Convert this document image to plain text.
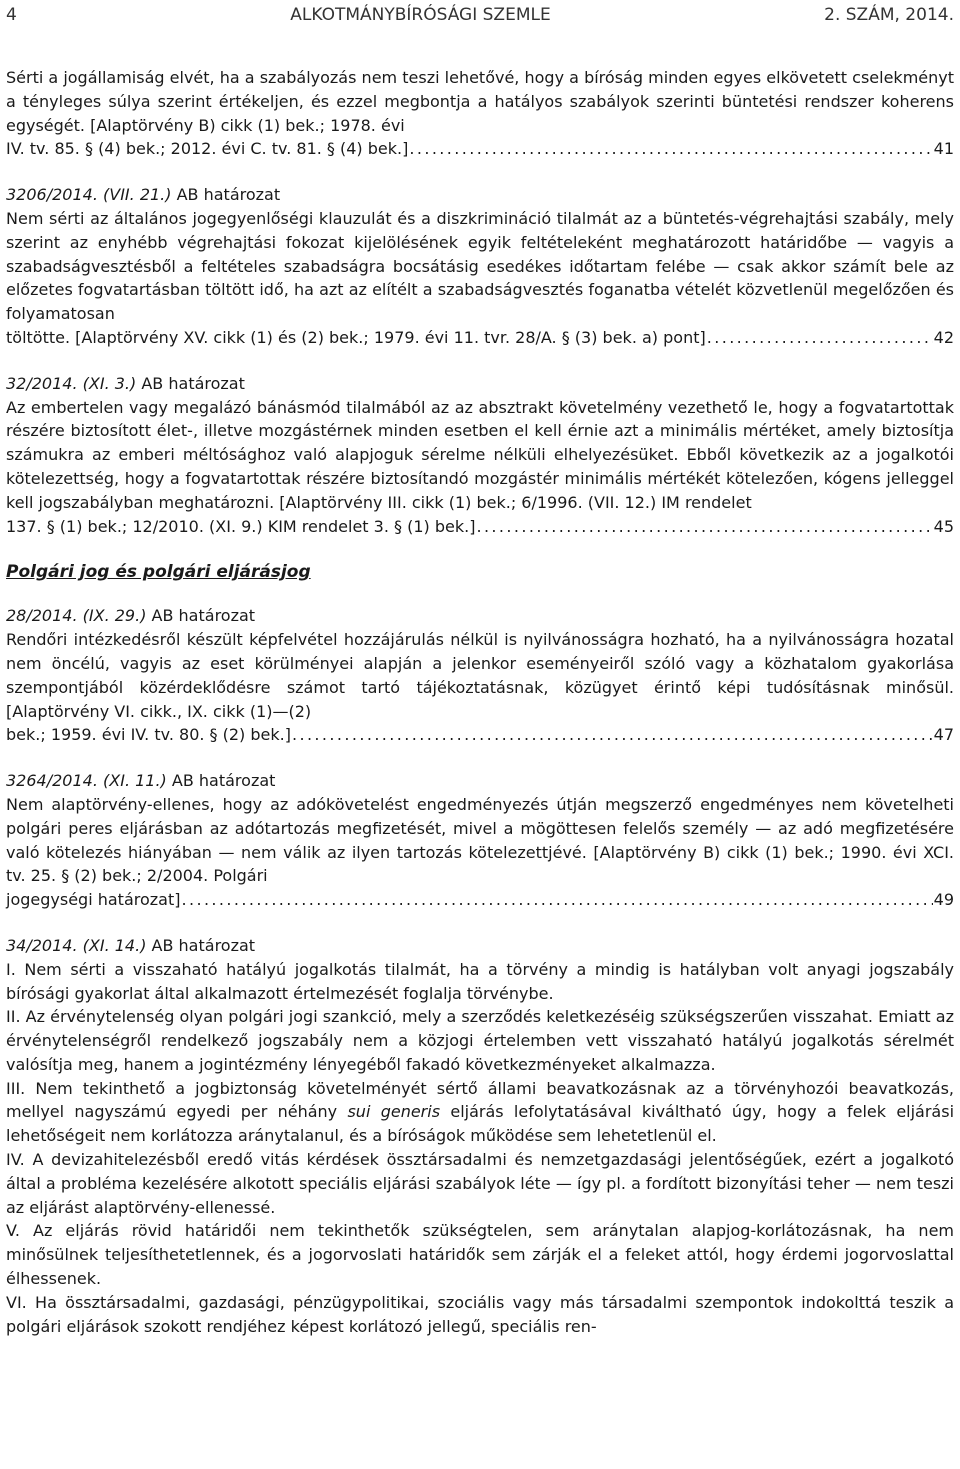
4	ALKOTMÁNYBÍRÓSÁGI SZEMLE	2. SZÁM, 2014.

Sérti a jogállamiság elvét, ha a szabályozás nem teszi lehetővé, hogy a bíróság minden egyes elkövetett cselekményt a tényleges súlya szerint értékeljen, és ezzel megbontja a hatályos szabályok szerinti büntetési rendszer koherens egységét. [Alaptörvény B) cikk (1) bek.; 1978. évi

IV. tv. 85. § (4) bek.; 2012. évi C. tv. 81. § (4) bek.] .....	41

3206/2014. (VII. 21.) AB határozat

Nem sérti az általános jogegyenlőségi klauzulát és a diszkrimináció tilalmát az a büntetés-végrehajtási szabály, mely szerint az enyhébb végrehajtási fokozat kijelölésének egyik feltételeként meghatározott határidőbe — vagyis a szabadságvesztésből a feltételes szabadságra bocsátásig esedékes időtartam felébe — csak akkor számít bele az előzetes fogvatartásban töltött idő, ha azt az elítélt a szabadságvesztés foganatba vételét közvetlenül megelőzően és folyamatosan

töltötte. [Alaptörvény XV. cikk (1) és (2) bek.; 1979. évi 11. tvr. 28/A. § (3) bek. a) pont] .....	42

32/2014. (XI. 3.) AB határozat

Az embertelen vagy megalázó bánásmód tilalmából az az absztrakt követelmény vezethető le, hogy a fogvatartottak részére biztosított élet-, illetve mozgástérnek minden esetben el kell érnie azt a minimális mértéket, amely biztosítja számukra az emberi méltósághoz való alapjoguk sérelme nélküli elhelyezésüket. Ebből következik az a jogalkotói kötelezettség, hogy a fogvatartottak részére biztosítandó mozgástér minimális mértékét kötelezően, kógens jelleggel kell jogszabályban meghatározni. [Alaptörvény III. cikk (1) bek.; 6/1996. (VII. 12.) IM rendelet

137. § (1) bek.; 12/2010. (XI. 9.) KIM rendelet 3. § (1) bek.] .....	45
Polgári jog és polgári eljárásjog

28/2014. (IX. 29.) AB határozat

Rendőri intézkedésről készült képfelvétel hozzájárulás nélkül is nyilvánosságra hozható, ha a nyilvánosságra hozatal nem öncélú, vagyis az eset körülményei alapján a jelenkor eseményeiről szóló vagy a közhatalom gyakorlása szempontjából közérdeklődésre számot tartó tájékoztatásnak, közügyet érintő képi tudósításnak minősül. [Alaptörvény VI. cikk., IX. cikk (1)—(2)

bek.; 1959. évi IV. tv. 80. § (2) bek.] .....	47

3264/2014. (XI. 11.) AB határozat

Nem alaptörvény-ellenes, hogy az adókövetelést engedményezés útján megszerző engedményes nem követelheti polgári peres eljárásban az adótartozás megfizetését, mivel a mögöttesen felelős személy — az adó megfizetésére való kötelezés hiányában — nem válik az ilyen tartozás kötelezettjévé. [Alaptörvény B) cikk (1) bek.; 1990. évi XCI. tv. 25. § (2) bek.; 2/2004. Polgári

jogegységi határozat] .....	49

34/2014. (XI. 14.) AB határozat

I. Nem sérti a visszaható hatályú jogalkotás tilalmát, ha a törvény a mindig is hatályban volt anyagi jogszabály bírósági gyakorlat által alkalmazott értelmezését foglalja törvénybe.

II. Az érvénytelenség olyan polgári jogi szankció, mely a szerződés keletkezéséig szükségszerűen visszahat. Emiatt az érvénytelenségről rendelkező jogszabály nem a közjogi értelemben vett visszaható hatályú jogalkotás sérelmét valósítja meg, hanem a jogintézmény lényegéből fakadó következményeket alkalmazza.

III. Nem tekinthető a jogbiztonság követelményét sértő állami beavatkozásnak az a törvényhozói beavatkozás, mellyel nagyszámú egyedi per néhány sui generis eljárás lefolytatásával kiváltható úgy, hogy a felek eljárási lehetőségeit nem korlátozza aránytalanul, és a bíróságok működése sem lehetetlenül el.

IV. A devizahitelezésből eredő vitás kérdések össztársadalmi és nemzetgazdasági jelentőségűek, ezért a jogalkotó által a probléma kezelésére alkotott speciális eljárási szabályok léte — így pl. a fordított bizonyítási teher — nem teszi az eljárást alaptörvény-ellenessé.

V. Az eljárás rövid határidői nem tekinthetők szükségtelen, sem aránytalan alapjog-korlátozásnak, ha nem minősülnek teljesíthetetlennek, és a jogorvoslati határidők sem zárják el a feleket attól, hogy érdemi jogorvoslattal élhessenek.

VI. Ha össztársadalmi, gazdasági, pénzügypolitikai, szociális vagy más társadalmi szempontok indokolttá teszik a polgári eljárások szokott rendjéhez képest korlátozó jellegű, speciális ren-
